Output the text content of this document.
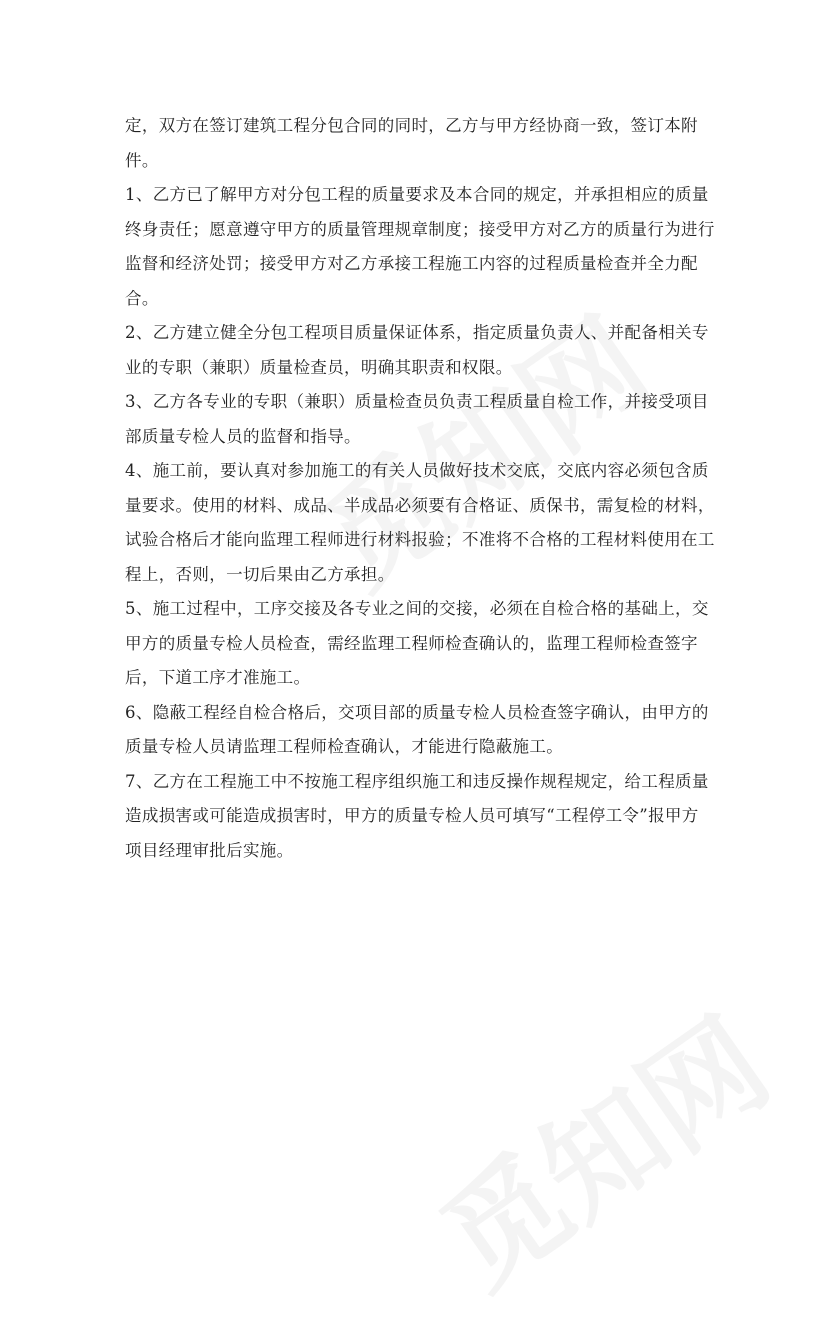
定，双方在签订建筑工程分包合同的同时，乙方与甲方经协商一致，签订本附件。

1、乙方已了解甲方对分包工程的质量要求及本合同的规定，并承担相应的质量终身责任；愿意遵守甲方的质量管理规章制度；接受甲方对乙方的质量行为进行监督和经济处罚；接受甲方对乙方承接工程施工内容的过程质量检查并全力配合。

2、乙方建立健全分包工程项目质量保证体系，指定质量负责人、并配备相关专业的专职（兼职）质量检查员，明确其职责和权限。

3、乙方各专业的专职（兼职）质量检查员负责工程质量自检工作，并接受项目部质量专检人员的监督和指导。

4、施工前，要认真对参加施工的有关人员做好技术交底，交底内容必须包含质量要求。使用的材料、成品、半成品必须要有合格证、质保书，需复检的材料，试验合格后才能向监理工程师进行材料报验；不准将不合格的工程材料使用在工程上，否则，一切后果由乙方承担。

5、施工过程中，工序交接及各专业之间的交接，必须在自检合格的基础上，交甲方的质量专检人员检查，需经监理工程师检查确认的，监理工程师检查签字后，下道工序才准施工。

6、隐蔽工程经自检合格后，交项目部的质量专检人员检查签字确认，由甲方的质量专检人员请监理工程师检查确认，才能进行隐蔽施工。

7、乙方在工程施工中不按施工程序组织施工和违反操作规程规定，给工程质量造成损害或可能造成损害时，甲方的质量专检人员可填写“工程停工令”报甲方项目经理审批后实施。
